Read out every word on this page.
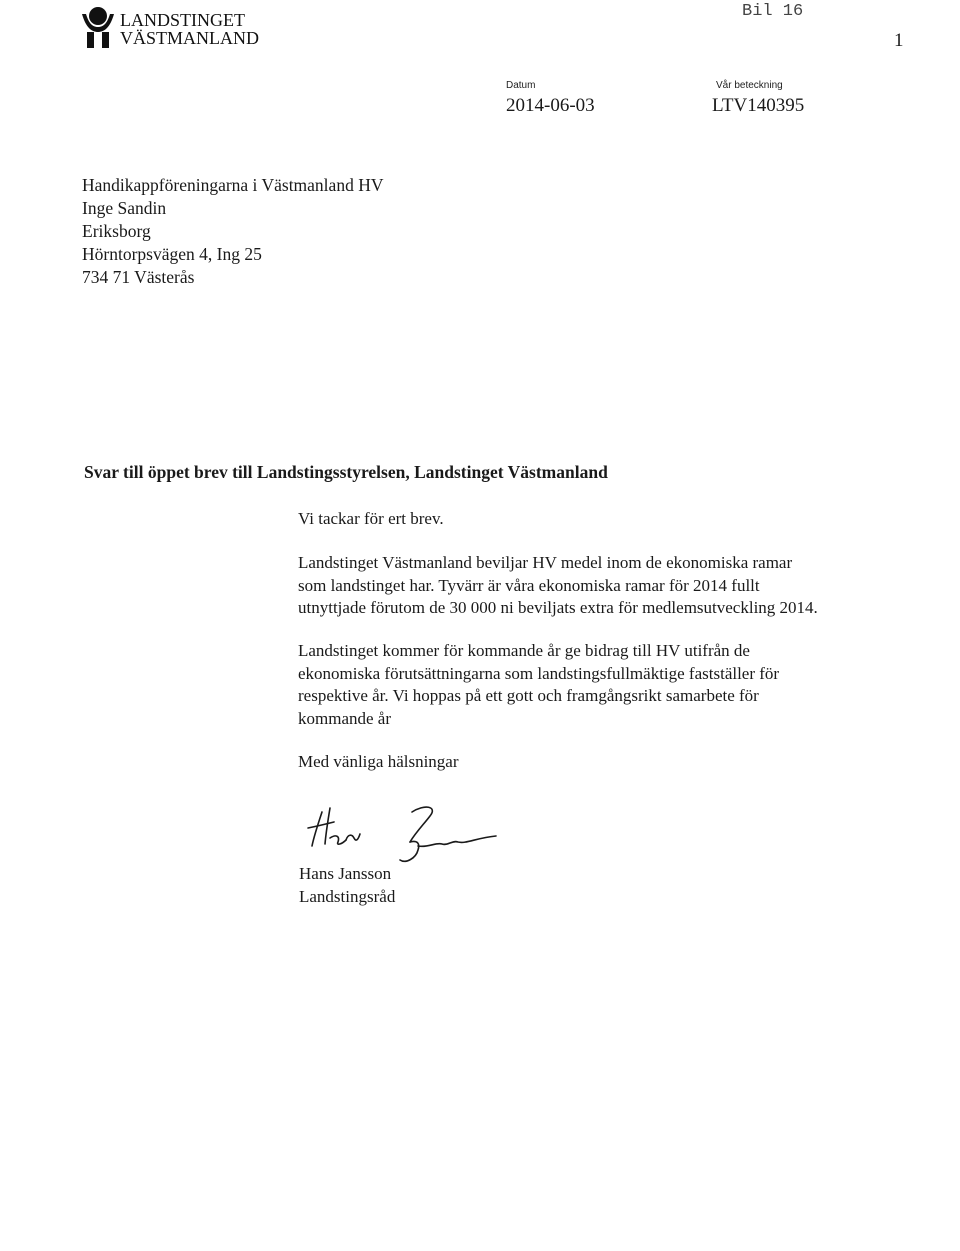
LANDSTINGET
VÄSTMANLAND
Bil 16
1
Datum
2014-06-03
Vår beteckning
LTV140395
Handikappföreningarna i Västmanland HV
Inge Sandin
Eriksborg
Hörntorpsvägen 4, Ing 25
734 71 Västerås
Svar till öppet brev till Landstingsstyrelsen, Landstinget Västmanland
Vi tackar för ert brev.
Landstinget Västmanland beviljar HV medel inom de ekonomiska ramar
som landstinget har. Tyvärr är våra ekonomiska ramar för 2014 fullt
utnyttjade förutom de 30 000 ni beviljats extra för medlemsutveckling 2014.
Landstinget kommer för kommande år ge bidrag till HV utifrån de
ekonomiska förutsättningarna som landstingsfullmäktige fastställer för
respektive år. Vi hoppas på ett gott och framgångsrikt samarbete för
kommande år
Med vänliga hälsningar
Hans Jansson
Landstingsråd
